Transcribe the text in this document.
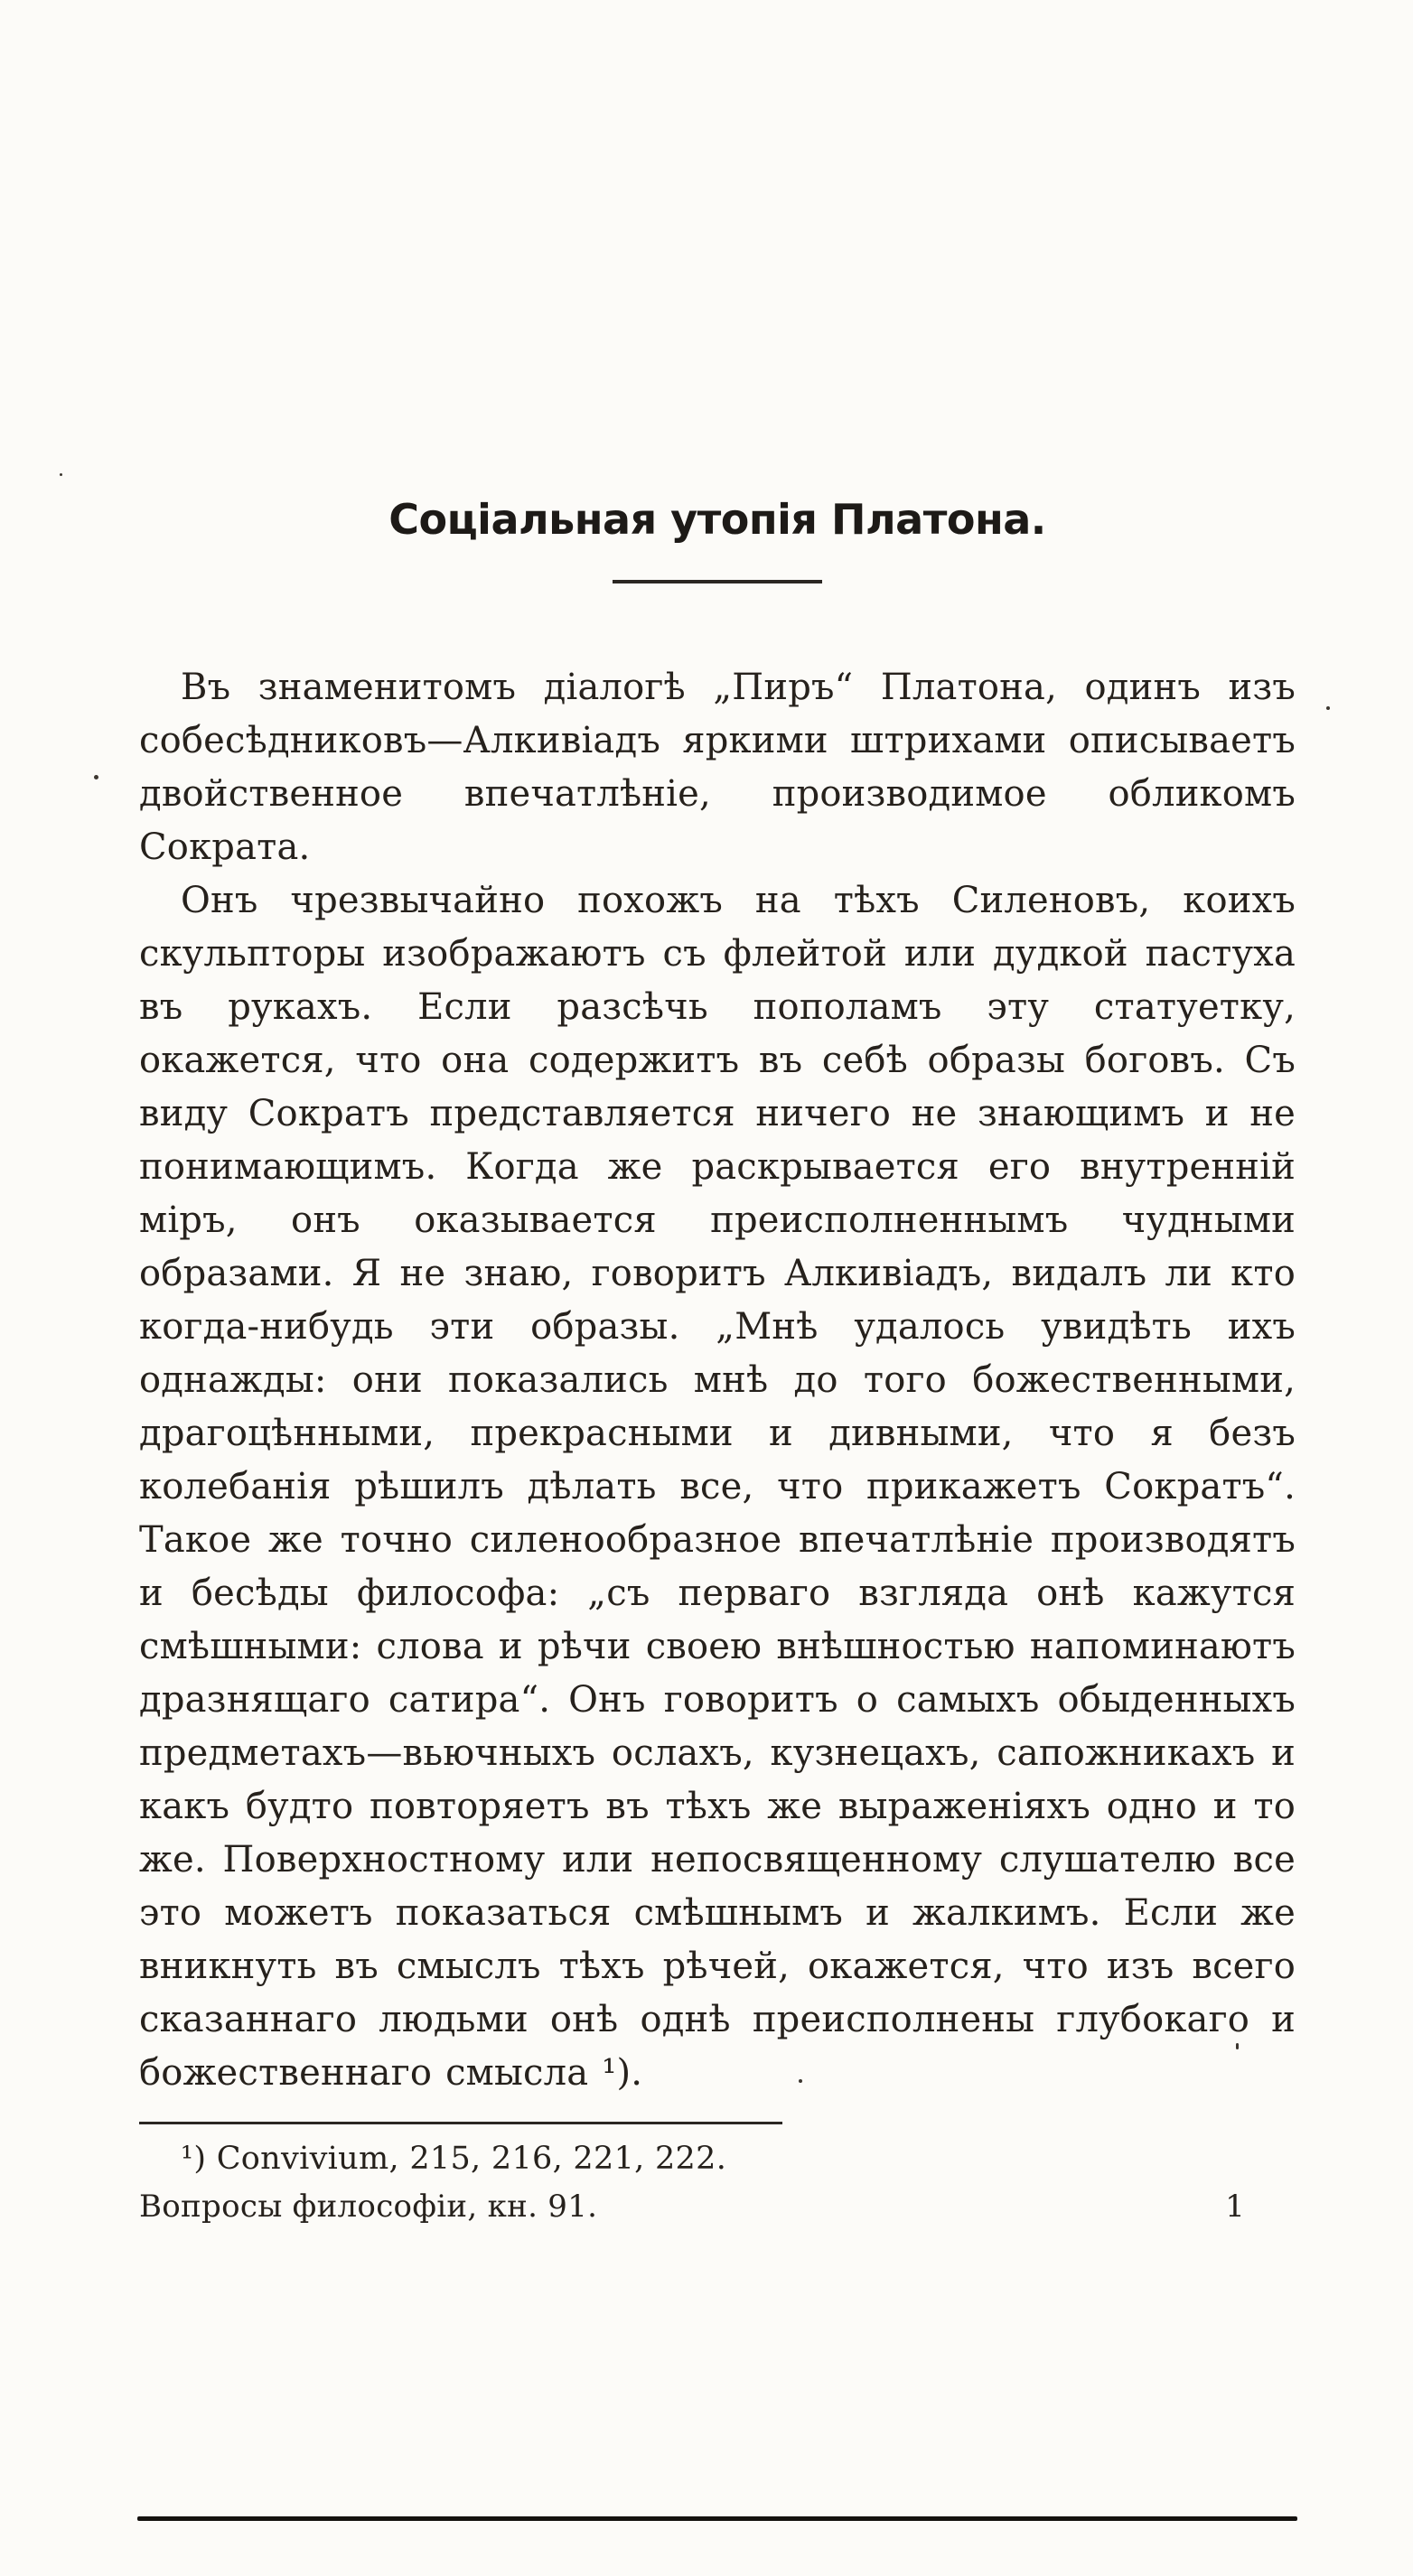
Соціальная утопія Платона.

Въ знаменитомъ діалогѣ „Пиръ“ Платона, одинъ изъ собесѣдниковъ—Алкивіадъ яркими штрихами описываетъ двойственное впечатлѣніе, производимое обликомъ Сократа.

Онъ чрезвычайно похожъ на тѣхъ Силеновъ, коихъ скульпторы изображаютъ съ флейтой или дудкой пастуха въ рукахъ. Если разсѣчь пополамъ эту статуетку, окажется, что она содержитъ въ себѣ образы боговъ. Съ виду Сократъ представляется ничего не знающимъ и не понимающимъ. Когда же раскрывается его внутренній міръ, онъ оказывается преисполненнымъ чудными образами. Я не знаю, говоритъ Алкивіадъ, видалъ ли кто когда-нибудь эти образы. „Мнѣ удалось увидѣть ихъ однажды: они показались мнѣ до того божественными, драгоцѣнными, прекрасными и дивными, что я безъ колебанія рѣшилъ дѣлать все, что прикажетъ Сократъ“. Такое же точно силенообразное впечатлѣніе производятъ и бесѣды философа: „съ перваго взгляда онѣ кажутся смѣшными: слова и рѣчи своею внѣшностью напоминаютъ дразнящаго сатира“. Онъ говоритъ о самыхъ обыденныхъ предметахъ—вьючныхъ ослахъ, кузнецахъ, сапожникахъ и какъ будто повторяетъ въ тѣхъ же выраженіяхъ одно и то же. Поверхностному или непосвященному слушателю все это можетъ показаться смѣшнымъ и жалкимъ. Если же вникнуть въ смыслъ тѣхъ рѣчей, окажется, что изъ всего сказаннаго людьми онѣ однѣ преисполнены глубокаго и божественнаго смысла ¹).

¹) Convivium, 215, 216, 221, 222.

Вопросы философіи, кн. 91.	1
